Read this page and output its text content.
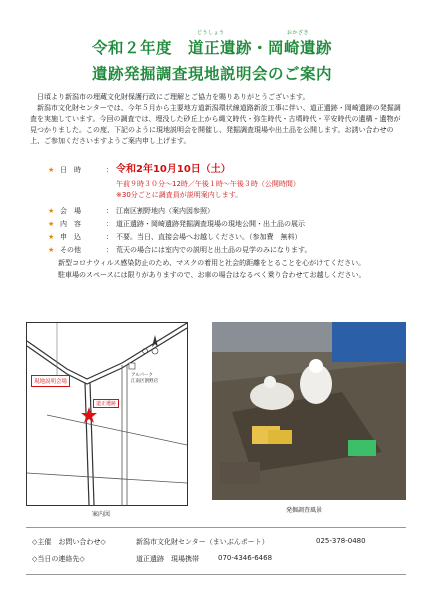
どうしょう	おかざき
令和２年度　 道正遺跡・岡崎遺跡
遺跡発掘調査現地説明会のご案内

日頃より新潟市の埋蔵文化財保護行政にご理解とご協力を賜りありがとうございます。

新潟市文化財センターでは、今年５月から主要地方道新潟環状線道路新設工事に伴い、道正遺跡・岡崎遺跡の発掘調査を実施しています。今回の調査では、埋没した砂丘上から縄文時代・弥生時代・古墳時代・平安時代の遺構・遺物が見つかりました。この度、下記のように現地説明会を開催し、発掘調査現場や出土品を公開します。お誘い合わせの上、ご参加くださいますようご案内申し上げます。

★ 日　時	： 令和2年10月10日（土）
午前９時３０分～12時／午後１時～午後３時（公開時間）
※30分ごとに調査員が説明案内します。
★ 会　場	： 江南区割野地内（案内図参照）
★ 内　容	： 道正遺跡・岡崎遺跡発掘調査現場の現地公開・出土品の展示
★ 申　込	： 不要。当日、直接会場へお越しください。（参加費　無料）
★ その他	： 荒天の場合には室内での説明と出土品の見学のみになります。
新型コロナウィルス感染防止のため、マスクの着用と社会的距離をとることを心がけてください。
駐車場のスペースには限りがありますので、お車の場合はなるべく乗り合わせてお越しください。
現地説明会場
道正遺跡
アルパーク
江南区割野店
案内図
発掘調査風景
◇主催　お問い合わせ◇	新潟市文化財センター（まいぶんポート）	025-378-0480
◇当日の連絡先◇	道正遺跡　現場携帯	070-4346-6468
